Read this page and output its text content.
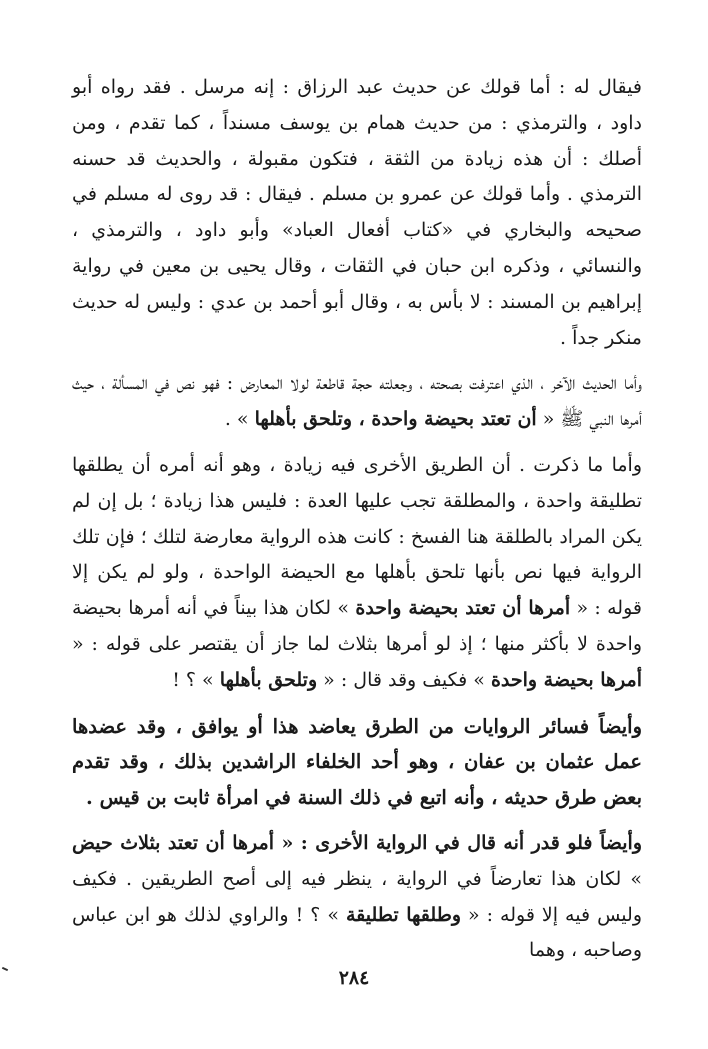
فيقال له : أما قولك عن حديث عبد الرزاق : إنه مرسل . فقد رواه أبو داود ، والترمذي : من حديث همام بن يوسف مسنداً ، كما تقدم ، ومن أصلك : أن هذه زيادة من الثقة ، فتكون مقبولة ، والحديث قد حسنه الترمذي . وأما قولك عن عمرو بن مسلم . فيقال : قد روى له مسلم في صحيحه والبخاري في «كتاب أفعال العباد» وأبو داود ، والترمذي ، والنسائي ، وذكره ابن حبان في الثقات ، وقال يحيى بن معين في رواية إبراهيم بن المسند : لا بأس به ، وقال أبو أحمد بن عدي : وليس له حديث منكر جداً .

وأما الحديث الآخر ، الذي اعترفت بصحته ، وجعلته حجة قاطعة لولا المعارض : فهو نص في المسألة ، حيث أمرها النبي ﷺ « أن تعتد بحيضة واحدة ، وتلحق بأهلها » .

وأما ما ذكرت . أن الطريق الأخرى فيه زيادة ، وهو أنه أمره أن يطلقها تطليقة واحدة ، والمطلقة تجب عليها العدة : فليس هذا زيادة ؛ بل إن لم يكن المراد بالطلقة هنا الفسخ : كانت هذه الرواية معارضة لتلك ؛ فإن تلك الرواية فيها نص بأنها تلحق بأهلها مع الحيضة الواحدة ، ولو لم يكن إلا قوله : « أمرها أن تعتد بحيضة واحدة » لكان هذا بيناً في أنه أمرها بحيضة واحدة لا بأكثر منها ؛ إذ لو أمرها بثلاث لما جاز أن يقتصر على قوله : « أمرها بحيضة واحدة » فكيف وقد قال : « وتلحق بأهلها » ؟ !

وأيضاً فسائر الروايات من الطرق يعاضد هذا أو يوافق ، وقد عضدها عمل عثمان بن عفان ، وهو أحد الخلفاء الراشدين بذلك ، وقد تقدم بعض طرق حديثه ، وأنه اتبع في ذلك السنة في امرأة ثابت بن قيس .

وأيضاً فلو قدر أنه قال في الرواية الأخرى : « أمرها أن تعتد بثلاث حيض » لكان هذا تعارضاً في الرواية ، ينظر فيه إلى أصح الطريقين . فكيف وليس فيه إلا قوله : « وطلقها تطليقة » ؟ ! والراوي لذلك هو ابن عباس وصاحبه ، وهما

٢٨٤
